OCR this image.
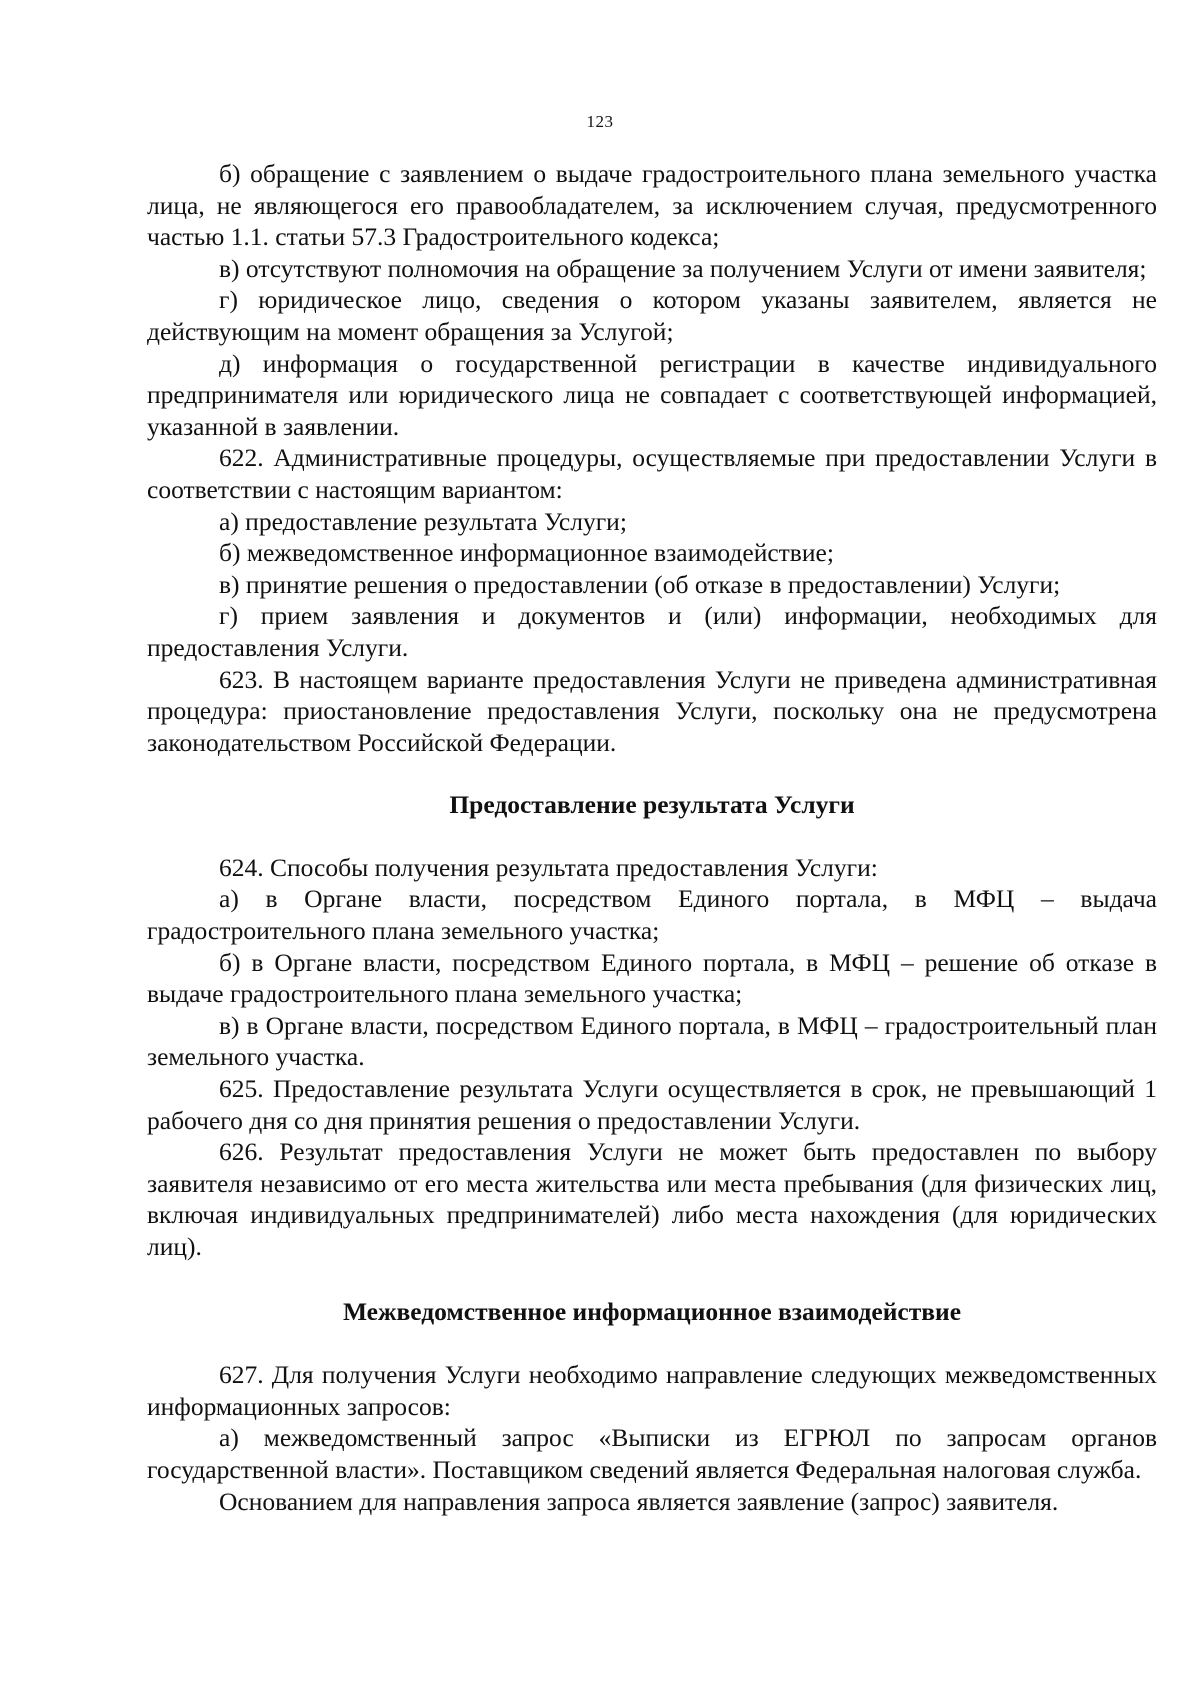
123

б) обращение с заявлением о выдаче градостроительного плана земельного участка лица, не являющегося его правообладателем, за исключением случая, предусмотренного частью 1.1. статьи 57.3 Градостроительного кодекса;

в) отсутствуют полномочия на обращение за получением Услуги от имени заявителя;

г) юридическое лицо, сведения о котором указаны заявителем, является не действующим на момент обращения за Услугой;

д) информация о государственной регистрации в качестве индивидуального предпринимателя или юридического лица не совпадает с соответствующей информацией, указанной в заявлении.

622. Административные процедуры, осуществляемые при предоставлении Услуги в соответствии с настоящим вариантом:

а) предоставление результата Услуги;

б) межведомственное информационное взаимодействие;

в) принятие решения о предоставлении (об отказе в предоставлении) Услуги;

г) прием заявления и документов и (или) информации, необходимых для предоставления Услуги.

623. В настоящем варианте предоставления Услуги не приведена административная процедура: приостановление предоставления Услуги, поскольку она не предусмотрена законодательством Российской Федерации.

Предоставление результата Услуги

624. Способы получения результата предоставления Услуги:

а) в Органе власти, посредством Единого портала, в МФЦ – выдача градостроительного плана земельного участка;

б) в Органе власти, посредством Единого портала, в МФЦ – решение об отказе в выдаче градостроительного плана земельного участка;

в) в Органе власти, посредством Единого портала, в МФЦ – градостроительный план земельного участка.

625. Предоставление результата Услуги осуществляется в срок, не превышающий 1 рабочего дня со дня принятия решения о предоставлении Услуги.

626. Результат предоставления Услуги не может быть предоставлен по выбору заявителя независимо от его места жительства или места пребывания (для физических лиц, включая индивидуальных предпринимателей) либо места нахождения (для юридических лиц).

Межведомственное информационное взаимодействие

627. Для получения Услуги необходимо направление следующих межведомственных информационных запросов:

а) межведомственный запрос «Выписки из ЕГРЮЛ по запросам органов государственной власти». Поставщиком сведений является Федеральная налоговая служба.

Основанием для направления запроса является заявление (запрос) заявителя.
